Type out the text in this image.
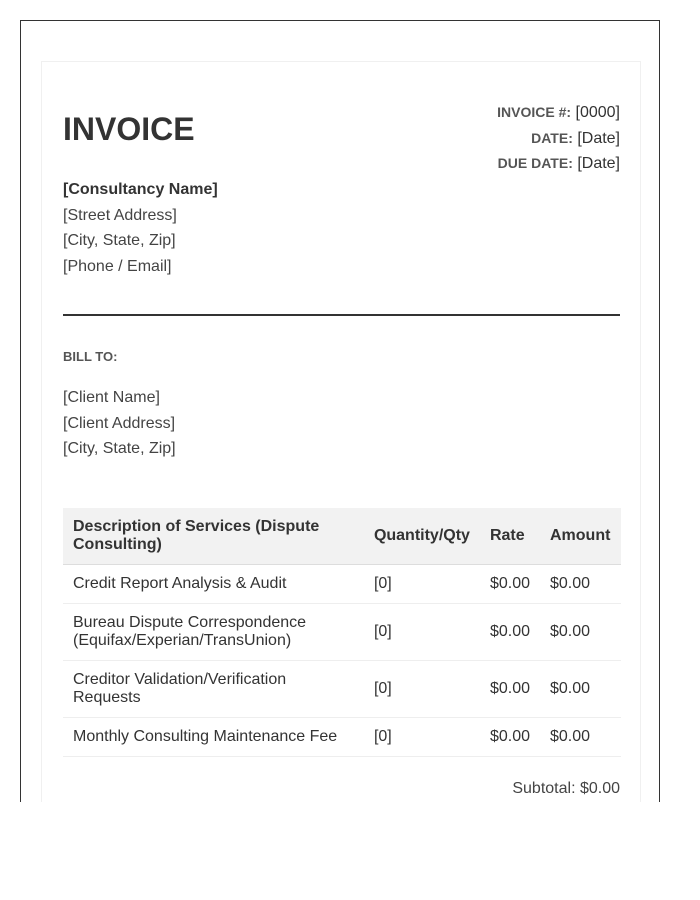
INVOICE	INVOICE #: [0000]
DATE: [Date]
DUE DATE: [Date]
[Consultancy Name]
[Street Address]
[City, State, Zip]
[Phone / Email]
BILL TO:
[Client Name]
[Client Address]
[City, State, Zip]
Description of Services (Dispute Consulting)	Quantity/Qty	Rate	Amount
Credit Report Analysis & Audit	[0]	$0.00	$0.00
Bureau Dispute Correspondence (Equifax/Experian/TransUnion)	[0]	$0.00	$0.00
Creditor Validation/Verification Requests	[0]	$0.00	$0.00
Monthly Consulting Maintenance Fee	[0]	$0.00	$0.00
Subtotal: $0.00
